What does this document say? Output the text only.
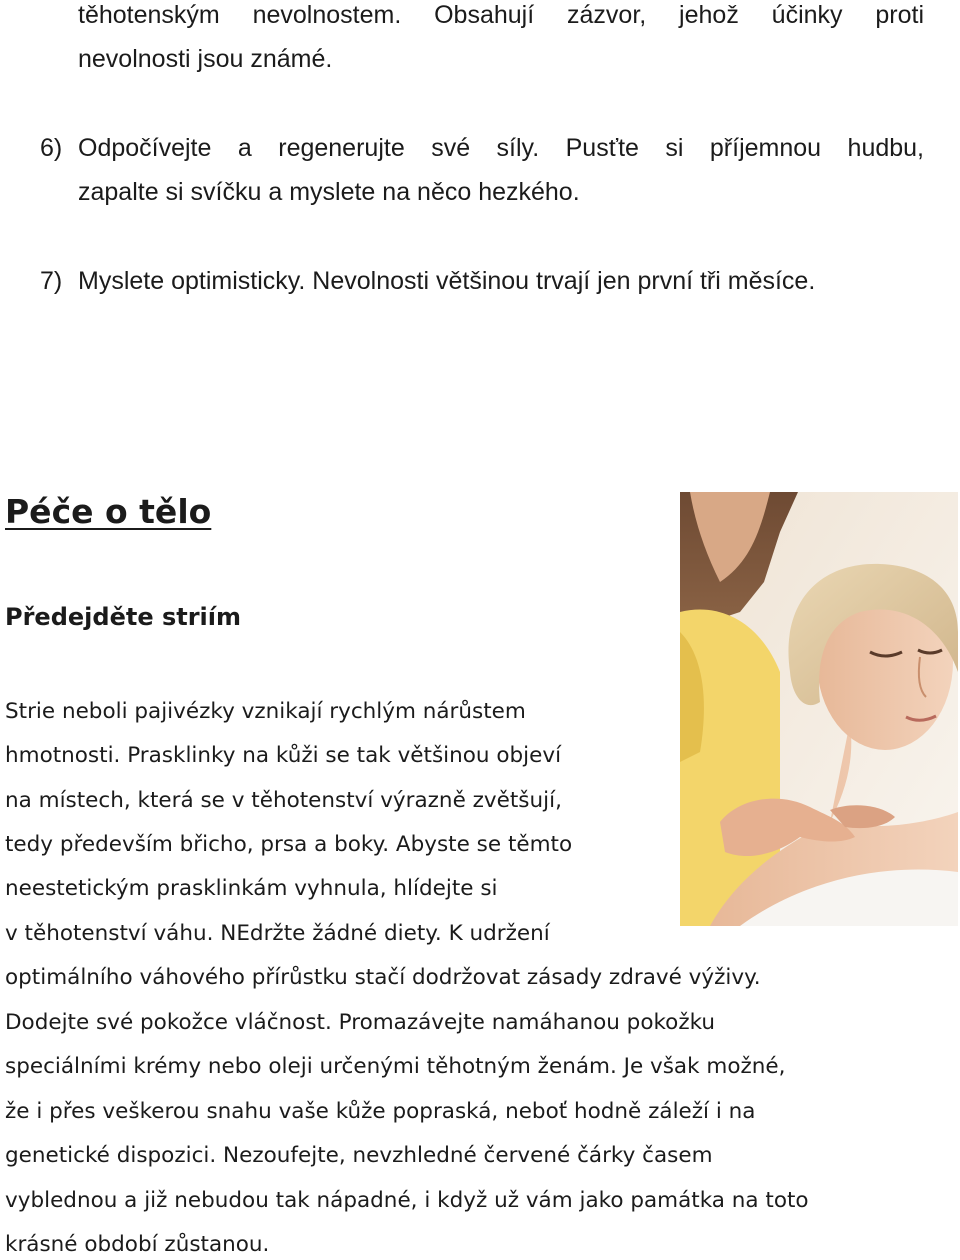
těhotenským nevolnostem. Obsahují zázvor, jehož účinky proti
nevolnosti jsou známé.
6) Odpočívejte a regenerujte své síly. Pusťte si příjemnou hudbu,
zapalte si svíčku a myslete na něco hezkého.
7) Myslete optimisticky. Nevolnosti většinou trvají jen první tři měsíce.
Péče o tělo
Předejděte striím
Strie neboli pajivézky vznikají rychlým nárůstem
hmotnosti. Prasklinky na kůži se tak většinou objeví
na místech, která se v těhotenství výrazně zvětšují,
tedy především břicho, prsa a boky. Abyste se těmto
neestetickým prasklinkám vyhnula, hlídejte si
v těhotenství váhu. NEdržte žádné diety. K udržení
optimálního váhového přírůstku stačí dodržovat zásady zdravé výživy.
Dodejte své pokožce vláčnost. Promazávejte namáhanou pokožku
speciálními krémy nebo oleji určenými těhotným ženám. Je však možné,
že i přes veškerou snahu vaše kůže popraská, neboť hodně záleží i na
genetické dispozici. Nezoufejte, nevzhledné červené čárky časem
vyblednou a již nebudou tak nápadné, i když už vám jako památka na toto
krásné období zůstanou.
